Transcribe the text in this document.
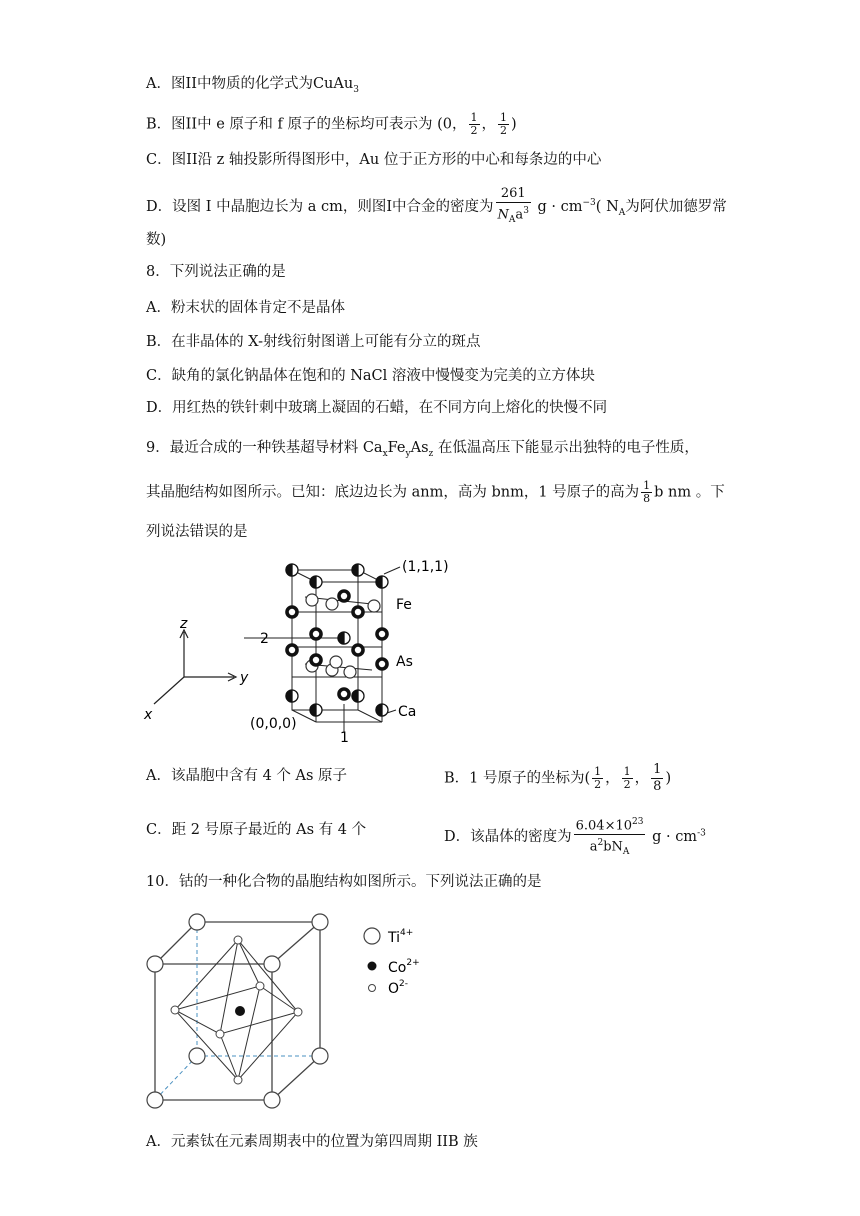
A．图II中物质的化学式为CuAu$_3$
B．图II中 e 原子和 f 原子的坐标均可表示为 (0， $\frac{1}{2}$ ， $\frac{1}{2}$ )
C．图II沿 z 轴投影所得图形中，Au 位于正方形的中心和每条边的中心
D．设图 I 中晶胞边长为 a cm，则图I中合金的密度为 $\frac{261}{N_Aa^3}$ $g \cdot cm^{-3}$( $N_A$为阿伏加德罗常
数)
8．下列说法正确的是
A．粉末状的固体肯定不是晶体
B．在非晶体的 X-射线衍射图谱上可能有分立的斑点
C．缺角的氯化钠晶体在饱和的 NaCl 溶液中慢慢变为完美的立方体块
D．用红热的铁针刺中玻璃上凝固的石蜡，在不同方向上熔化的快慢不同
9．最近合成的一种铁基超导材料 $Ca_xFe_yAs_z$ 在低温高压下能显示出独特的电子性质，
其晶胞结构如图所示。已知：底边边长为 anm，高为 bnm，1 号原子的高为 $\frac{1}{8}$ b nm 。下
列说法错误的是
z
y
x
(1,1,1)
Fe
As
Ca
(0,0,0)
1
2
A．该晶胞中含有 4 个 As 原子	B．1 号原子的坐标为( $\frac{1}{2}$ ， $\frac{1}{2}$ ， $\frac{1}{8}$ )
C．距 2 号原子最近的 As 有 4 个	D．该晶体的密度为 $\frac{6.04\times 10^{23}}{a^2bN_A}$ $g \cdot cm^{-3}$
10．钴的一种化合物的晶胞结构如图所示。下列说法正确的是
$Ti^{4+}$
$Co^{2+}$
$O^{2-}$
A．元素钛在元素周期表中的位置为第四周期 IIB 族
